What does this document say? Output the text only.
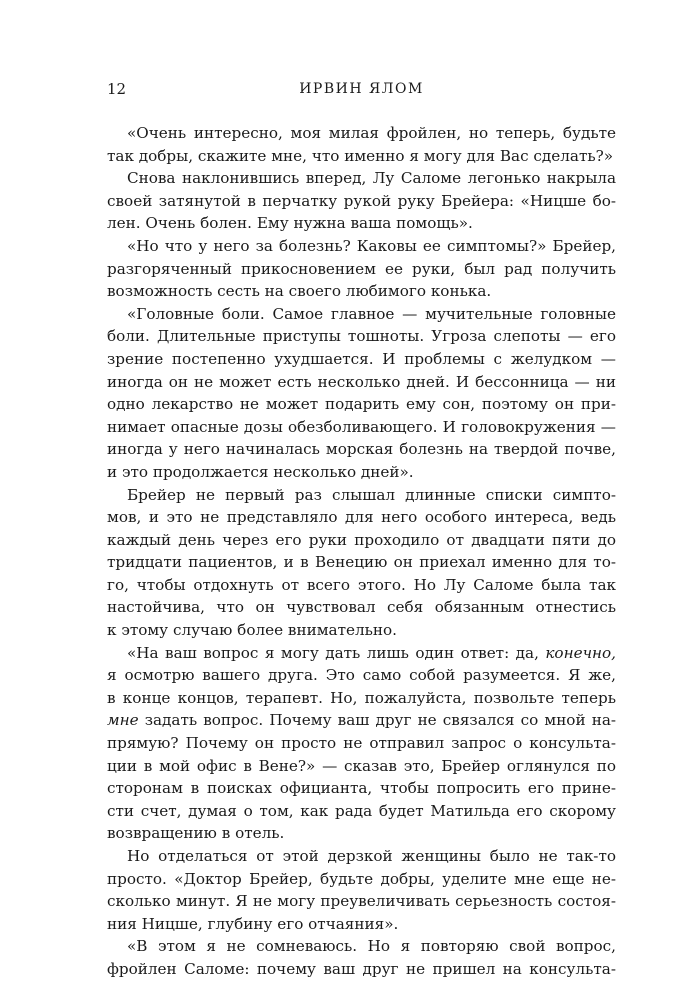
12	ИРВИН ЯЛОМ
«Очень интересно, моя милая фройлен, но теперь, будьте
так добры, скажите мне, что именно я могу для Вас сделать?»
Снова наклонившись вперед, Лу Саломе легонько накрыла
своей затянутой в перчатку рукой руку Брейера: «Ницше бо-
лен. Очень болен. Ему нужна ваша помощь».
«Но что у него за болезнь? Каковы ее симптомы?» Брейер,
разгоряченный прикосновением ее руки, был рад получить
возможность сесть на своего любимого конька.
«Головные боли. Самое главное — мучительные головные
боли. Длительные приступы тошноты. Угроза слепоты — его
зрение постепенно ухудшается. И проблемы с желудком —
иногда он не может есть несколько дней. И бессонница — ни
одно лекарство не может подарить ему сон, поэтому он при-
нимает опасные дозы обезболивающего. И головокружения —
иногда у него начиналась морская болезнь на твердой почве,
и это продолжается несколько дней».
Брейер не первый раз слышал длинные списки симпто-
мов, и это не представляло для него особого интереса, ведь
каждый день через его руки проходило от двадцати пяти до
тридцати пациентов, и в Венецию он приехал именно для то-
го, чтобы отдохнуть от всего этого. Но Лу Саломе была так
настойчива, что он чувствовал себя обязанным отнестись
к этому случаю более внимательно.
«На ваш вопрос я могу дать лишь один ответ: да, конечно,
я осмотрю вашего друга. Это само собой разумеется. Я же,
в конце концов, терапевт. Но, пожалуйста, позвольте теперь
мне задать вопрос. Почему ваш друг не связался со мной на-
прямую? Почему он просто не отправил запрос о консульта-
ции в мой офис в Вене?» — сказав это, Брейер оглянулся по
сторонам в поисках официанта, чтобы попросить его прине-
сти счет, думая о том, как рада будет Матильда его скорому
возвращению в отель.
Но отделаться от этой дерзкой женщины было не так-то
просто. «Доктор Брейер, будьте добры, уделите мне еще не-
сколько минут. Я не могу преувеличивать серьезность состоя-
ния Ницше, глубину его отчаяния».
«В этом я не сомневаюсь. Но я повторяю свой вопрос,
фройлен Саломе: почему ваш друг не пришел на консульта-
